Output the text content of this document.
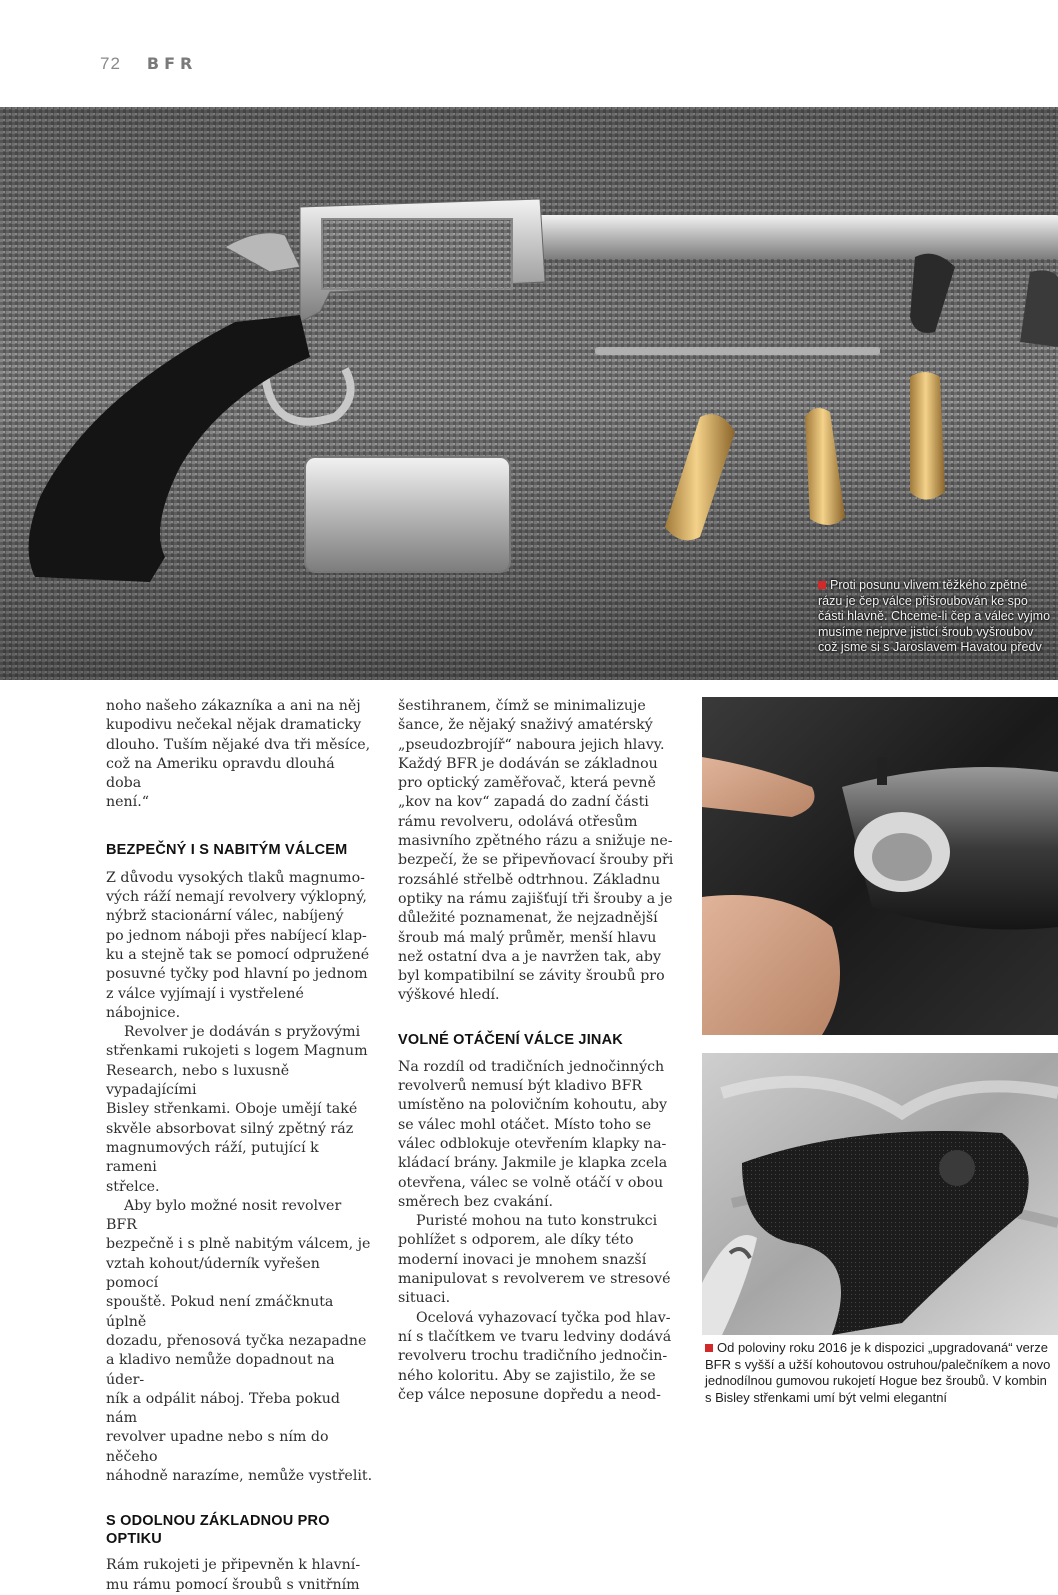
72 BFR
Proti posunu vlivem těžkého zpětné
rázu je čep válce přišroubován ke spo
části hlavně. Chceme-li čep a válec vyjmo
musíme nejprve jisticí šroub vyšroubov
což jsme si s Jaroslavem Havatou předv

noho našeho zákazníka a ani na něj
kupodivu nečekal nějak dramaticky
dlouho. Tuším nějaké dva tři měsíce,
což na Ameriku opravdu dlouhá doba
není.“

BEZPEČNÝ I S NABITÝM VÁLCEM

Z důvodu vysokých tlaků magnumo-
vých ráží nemají revolvery výklopný,
nýbrž stacionární válec, nabíjený
po jednom náboji přes nabíjecí klap-
ku a stejně tak se pomocí odpružené
posuvné tyčky pod hlavní po jednom
z válce vyjímají i vystřelené nábojnice.

Revolver je dodáván s pryžovými
střenkami rukojeti s logem Magnum
Research, nebo s luxusně vypadajícími
Bisley střenkami. Oboje umějí také
skvěle absorbovat silný zpětný ráz
magnumových ráží, putující k rameni
střelce.

Aby bylo možné nosit revolver BFR
bezpečně i s plně nabitým válcem, je
vztah kohout/úderník vyřešen pomocí
spouště. Pokud není zmáčknuta úplně
dozadu, přenosová tyčka nezapadne
a kladivo nemůže dopadnout na úder-
ník a odpálit náboj. Třeba pokud nám
revolver upadne nebo s ním do něčeho
náhodně narazíme, nemůže vystřelit.

S ODOLNOU ZÁKLADNOU PRO OPTIKU

Rám rukojeti je připevněn k hlavní-
mu rámu pomocí šroubů s vnitřním

šestihranem, čímž se minimalizuje
šance, že nějaký snaživý amatérský
„pseudozbrojíř“ naboura jejich hlavy.
Každý BFR je dodáván se základnou
pro optický zaměřovač, která pevně
„kov na kov“ zapadá do zadní části
rámu revolveru, odolává otřesům
masivního zpětného rázu a snižuje ne-
bezpečí, že se připevňovací šrouby při
rozsáhlé střelbě odtrhnou. Základnu
optiky na rámu zajišťují tři šrouby a je
důležité poznamenat, že nejzadnější
šroub má malý průměr, menší hlavu
než ostatní dva a je navržen tak, aby
byl kompatibilní se závity šroubů pro
výškové hledí.

VOLNÉ OTÁČENÍ VÁLCE JINAK

Na rozdíl od tradičních jednočinných
revolverů nemusí být kladivo BFR
umístěno na polovičním kohoutu, aby
se válec mohl otáčet. Místo toho se
válec odblokuje otevřením klapky na-
kládací brány. Jakmile je klapka zcela
otevřena, válec se volně otáčí v obou
směrech bez cvakání.

Puristé mohou na tuto konstrukci
pohlížet s odporem, ale díky této
moderní inovaci je mnohem snazší
manipulovat s revolverem ve stresové
situaci.

Ocelová vyhazovací tyčka pod hlav-
ní s tlačítkem ve tvaru ledviny dodává
revolveru trochu tradičního jednočin-
ného koloritu. Aby se zajistilo, že se
čep válce neposune dopředu a neod-

Od poloviny roku 2016 je k dispozici „upgradovaná“ verze
BFR s vyšší a užší kohoutovou ostruhou/palečníkem a novo
jednodílnou gumovou rukojetí Hogue bez šroubů. V kombin
s Bisley střenkami umí být velmi elegantní
